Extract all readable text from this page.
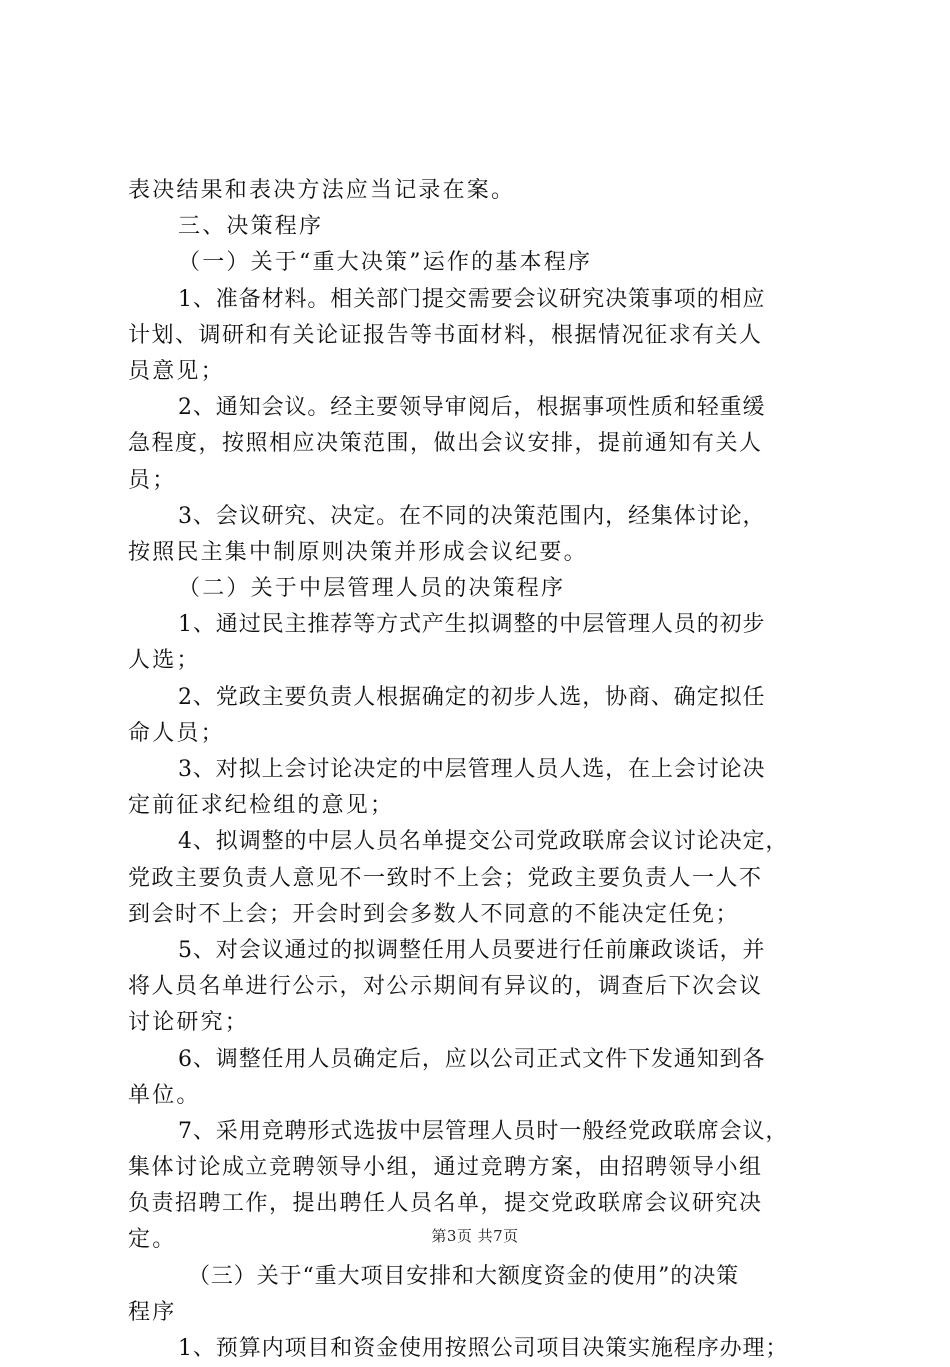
表决结果和表决方法应当记录在案。
三、决策程序
（一）关于“重大决策”运作的基本程序
1、准备材料。相关部门提交需要会议研究决策事项的相应
计划、调研和有关论证报告等书面材料，根据情况征求有关人
员意见；
2、通知会议。经主要领导审阅后，根据事项性质和轻重缓
急程度，按照相应决策范围，做出会议安排，提前通知有关人
员；
3、会议研究、决定。在不同的决策范围内，经集体讨论，
按照民主集中制原则决策并形成会议纪要。
（二）关于中层管理人员的决策程序
1、通过民主推荐等方式产生拟调整的中层管理人员的初步
人选；
2、党政主要负责人根据确定的初步人选，协商、确定拟任
命人员；
3、对拟上会讨论决定的中层管理人员人选，在上会讨论决
定前征求纪检组的意见；
4、拟调整的中层人员名单提交公司党政联席会议讨论决定，
党政主要负责人意见不一致时不上会；党政主要负责人一人不
到会时不上会；开会时到会多数人不同意的不能决定任免；
5、对会议通过的拟调整任用人员要进行任前廉政谈话，并
将人员名单进行公示，对公示期间有异议的，调查后下次会议
讨论研究；
6、调整任用人员确定后，应以公司正式文件下发通知到各
单位。
7、采用竞聘形式选拔中层管理人员时一般经党政联席会议，
集体讨论成立竞聘领导小组，通过竞聘方案，由招聘领导小组
负责招聘工作，提出聘任人员名单，提交党政联席会议研究决
定。
（三）关于“重大项目安排和大额度资金的使用”的决策
程序
1、预算内项目和资金使用按照公司项目决策实施程序办理；
第3页 共7页
